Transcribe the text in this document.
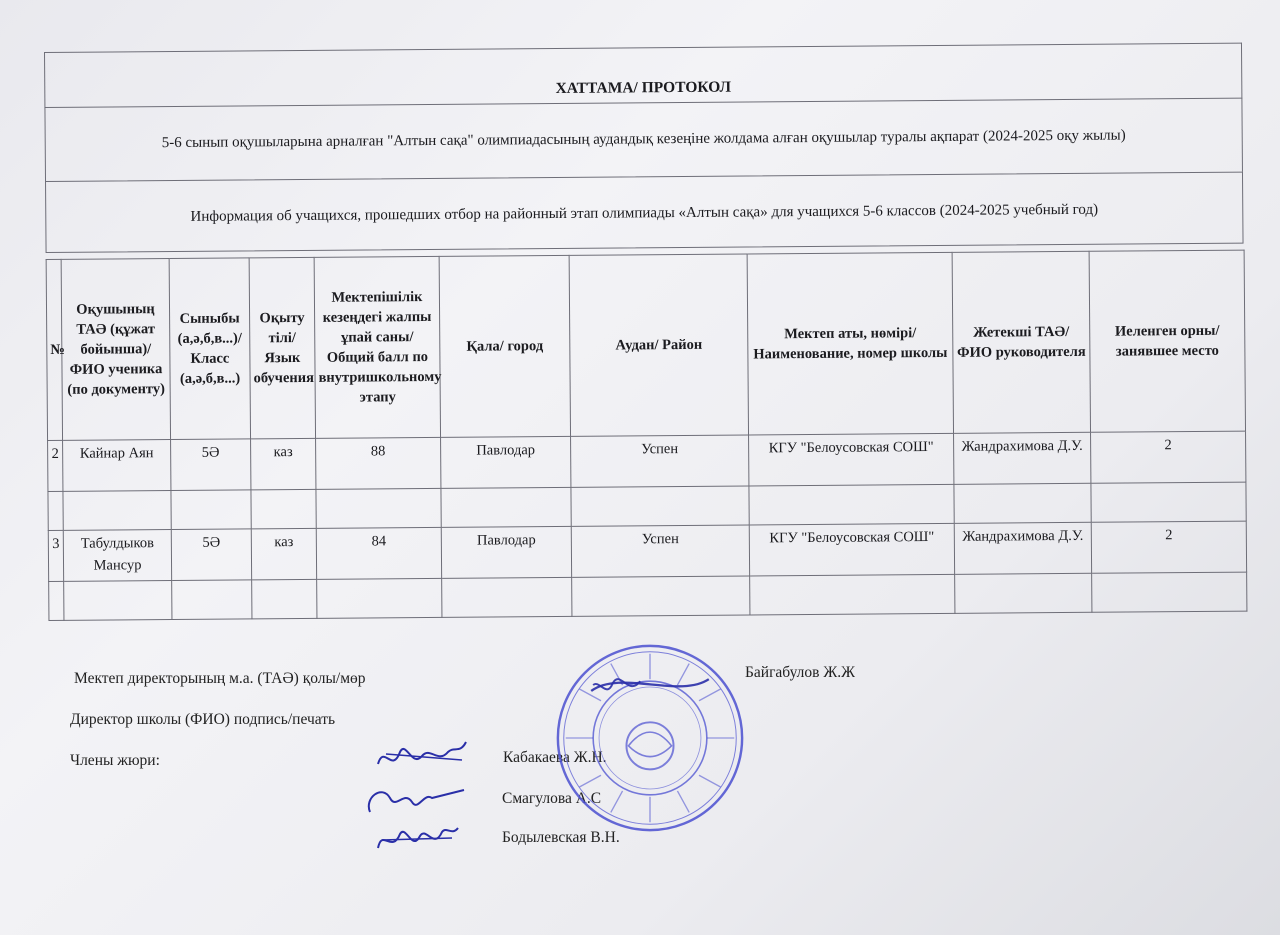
ХАТТАМА/ ПРОТОКОЛ
5-6 сынып оқушыларына арналған "Алтын сақа" олимпиадасының аудандық кезеңіне жолдама алған оқушылар туралы ақпарат (2024-2025 оқу жылы)
Информация об учащихся, прошедших отбор на районный этап олимпиады «Алтын сақа» для учащихся 5-6 классов (2024-2025 учебный год)
№	Оқушының ТАӘ (құжат бойынша)/ ФИО ученика (по документу)	Сыныбы (а,ә,б,в...)/Класс (а,ә,б,в...)	Оқыту тілі/Язык обучения	Мектепішілік кезеңдегі жалпы ұпай саны/Общий балл по внутришкольному этапу	Қала/ город	Аудан/ Район	Мектеп аты, нөмірі/Наименование, номер школы	Жетекші ТАӘ/ ФИО руководителя	Иеленген орны/ занявшее место
2	Кайнар Аян	5Ә	каз	88	Павлодар	Успен	КГУ "Белоусовская СОШ"	Жандрахимова Д.У.	2

3	Табулдыков Мансур	5Ә	каз	84	Павлодар	Успен	КГУ "Белоусовская СОШ"	Жандрахимова Д.У.	2

Мектеп директорының м.а. (ТАӘ) қолы/мөр	Байгабулов Ж.Ж
Директор школы (ФИО) подпись/печать
Члены жюри:	Кабакаева Ж.Н.
Смагулова А.С
Бодылевская В.Н.
